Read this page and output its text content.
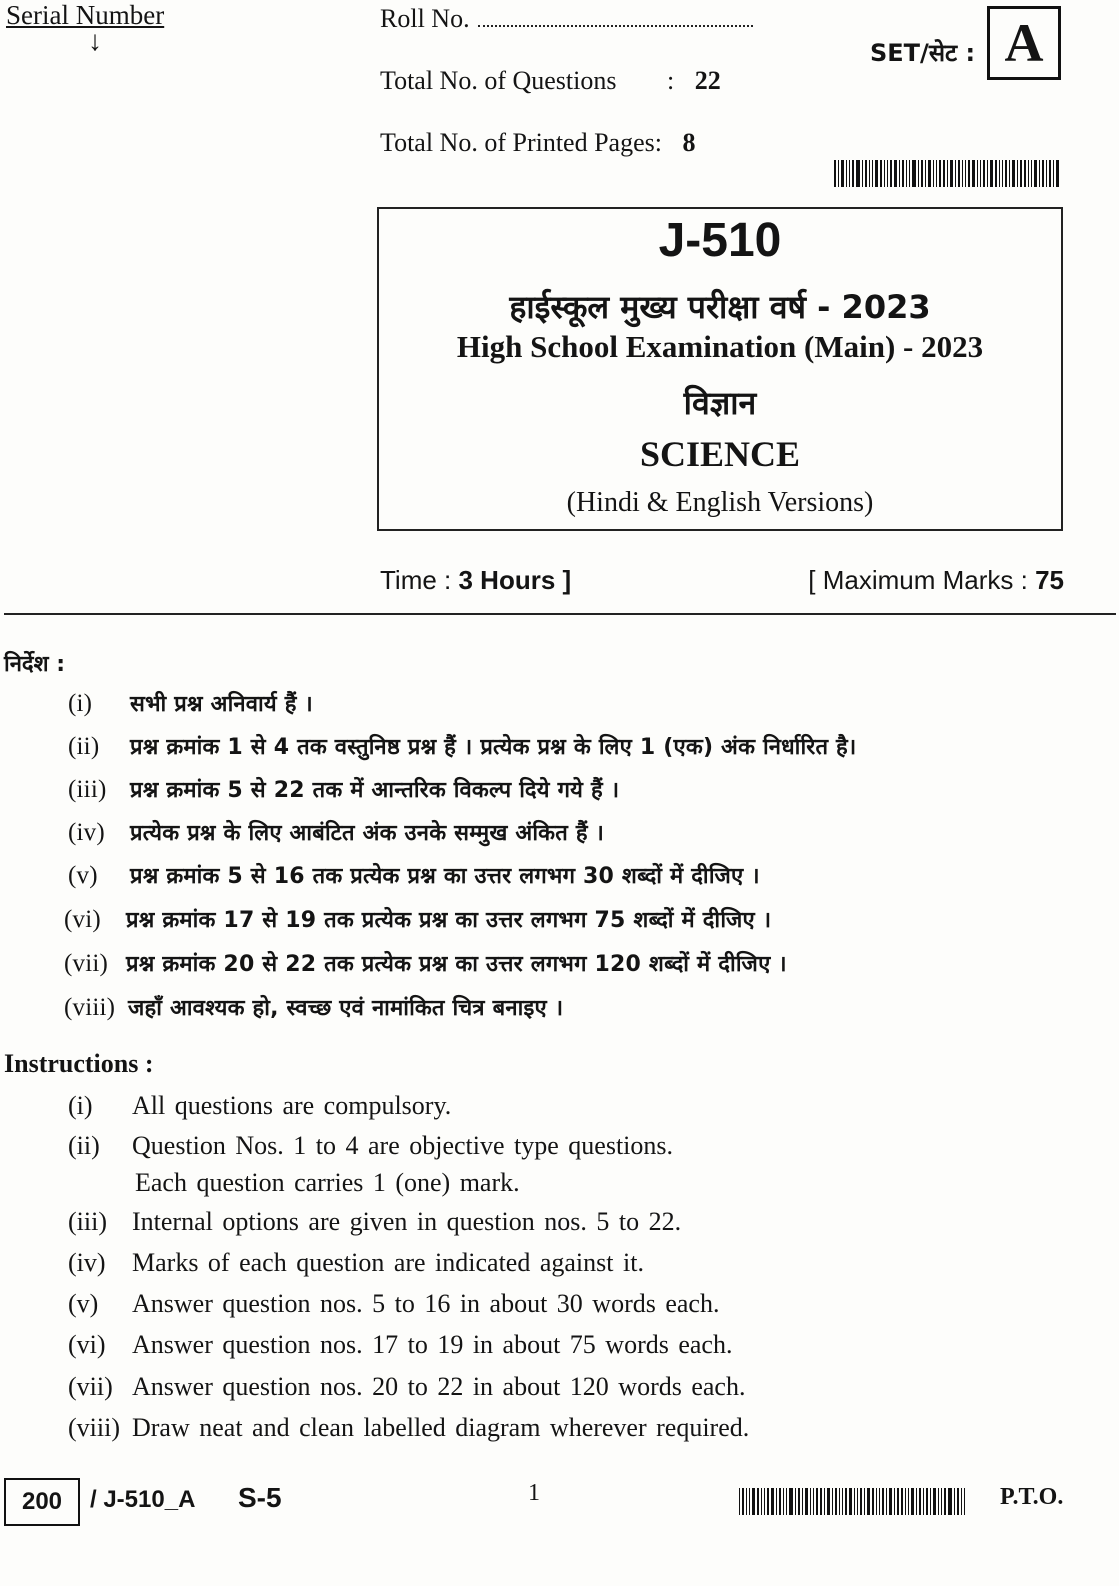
Serial Number
↓
Roll No.
Total No. of Questions : 22
Total No. of Printed Pages: 8
SET/सेट : A
J-510
हाईस्कूल मुख्य परीक्षा वर्ष - 2023
High School Examination (Main) - 2023
विज्ञान
SCIENCE
(Hindi & English Versions)
Time : 3 Hours ]	[ Maximum Marks : 75
निर्देश :
(i) सभी प्रश्न अनिवार्य हैं ।
(ii) प्रश्न क्रमांक 1 से 4 तक वस्तुनिष्ठ प्रश्न हैं । प्रत्येक प्रश्न के लिए 1 (एक) अंक निर्धारित है।
(iii) प्रश्न क्रमांक 5 से 22 तक में आन्तरिक विकल्प दिये गये हैं ।
(iv) प्रत्येक प्रश्न के लिए आबंटित अंक उनके सम्मुख अंकित हैं ।
(v) प्रश्न क्रमांक 5 से 16 तक प्रत्येक प्रश्न का उत्तर लगभग 30 शब्दों में दीजिए ।
(vi) प्रश्न क्रमांक 17 से 19 तक प्रत्येक प्रश्न का उत्तर लगभग 75 शब्दों में दीजिए ।
(vii) प्रश्न क्रमांक 20 से 22 तक प्रत्येक प्रश्न का उत्तर लगभग 120 शब्दों में दीजिए ।
(viii) जहाँ आवश्यक हो, स्वच्छ एवं नामांकित चित्र बनाइए ।
Instructions :
(i) All questions are compulsory.
(ii) Question Nos. 1 to 4 are objective type questions.
Each question carries 1 (one) mark.
(iii) Internal options are given in question nos. 5 to 22.
(iv) Marks of each question are indicated against it.
(v) Answer question nos. 5 to 16 in about 30 words each.
(vi) Answer question nos. 17 to 19 in about 75 words each.
(vii) Answer question nos. 20 to 22 in about 120 words each.
(viii) Draw neat and clean labelled diagram wherever required.
200	/ J-510_A S-5	1	P.T.O.
